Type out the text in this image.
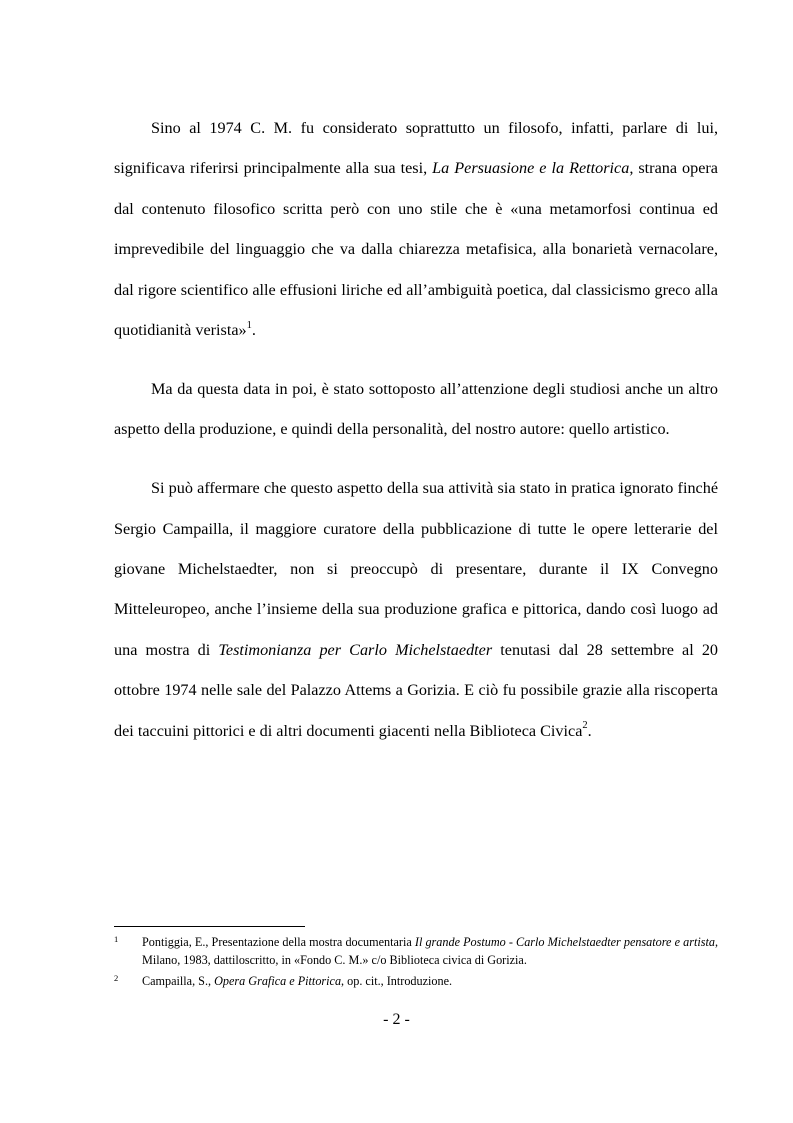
Sino al 1974 C. M. fu considerato soprattutto un filosofo, infatti, parlare di lui, significava riferirsi principalmente alla sua tesi, La Persuasione e la Rettorica, strana opera dal contenuto filosofico scritta però con uno stile che è «una metamorfosi continua ed imprevedibile del linguaggio che va dalla chiarezza metafisica, alla bonarietà vernacolare, dal rigore scientifico alle effusioni liriche ed all’ambiguità poetica, dal classicismo greco alla quotidianità verista»$^1$.

Ma da questa data in poi, è stato sottoposto all’attenzione degli studiosi anche un altro aspetto della produzione, e quindi della personalità, del nostro autore: quello artistico.

Si può affermare che questo aspetto della sua attività sia stato in pratica ignorato finché Sergio Campailla, il maggiore curatore della pubblicazione di tutte le opere letterarie del giovane Michelstaedter, non si preoccupò di presentare, durante il IX Convegno Mitteleuropeo, anche l’insieme della sua produzione grafica e pittorica, dando così luogo ad una mostra di Testimonianza per Carlo Michelstaedter tenutasi dal 28 settembre al 20 ottobre 1974 nelle sale del Palazzo Attems a Gorizia. E ciò fu possibile grazie alla riscoperta dei taccuini pittorici e di altri documenti giacenti nella Biblioteca Civica$^2$.

1 Pontiggia, E., Presentazione della mostra documentaria Il grande Postumo - Carlo Michelstaedter pensatore e artista, Milano, 1983, dattiloscritto, in «Fondo C. M.» c/o Biblioteca civica di Gorizia.
2 Campailla, S., Opera Grafica e Pittorica, op. cit., Introduzione.
- 2 -
